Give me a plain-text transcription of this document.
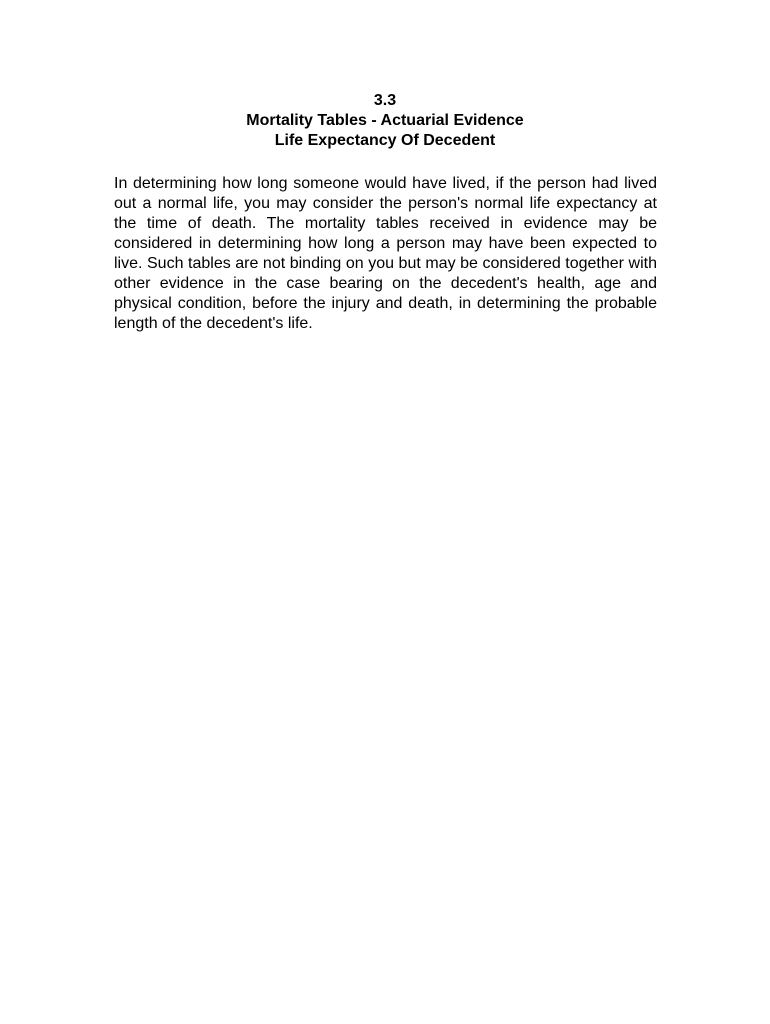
3.3
Mortality Tables - Actuarial Evidence
Life Expectancy Of Decedent

In determining how long someone would have lived, if the person had lived out a normal life, you may consider the person's normal life expectancy at the time of death. The mortality tables received in evidence may be considered in determining how long a person may have been expected to live. Such tables are not binding on you but may be considered together with other evidence in the case bearing on the decedent's health, age and physical condition, before the injury and death, in determining the probable length of the decedent's life.
